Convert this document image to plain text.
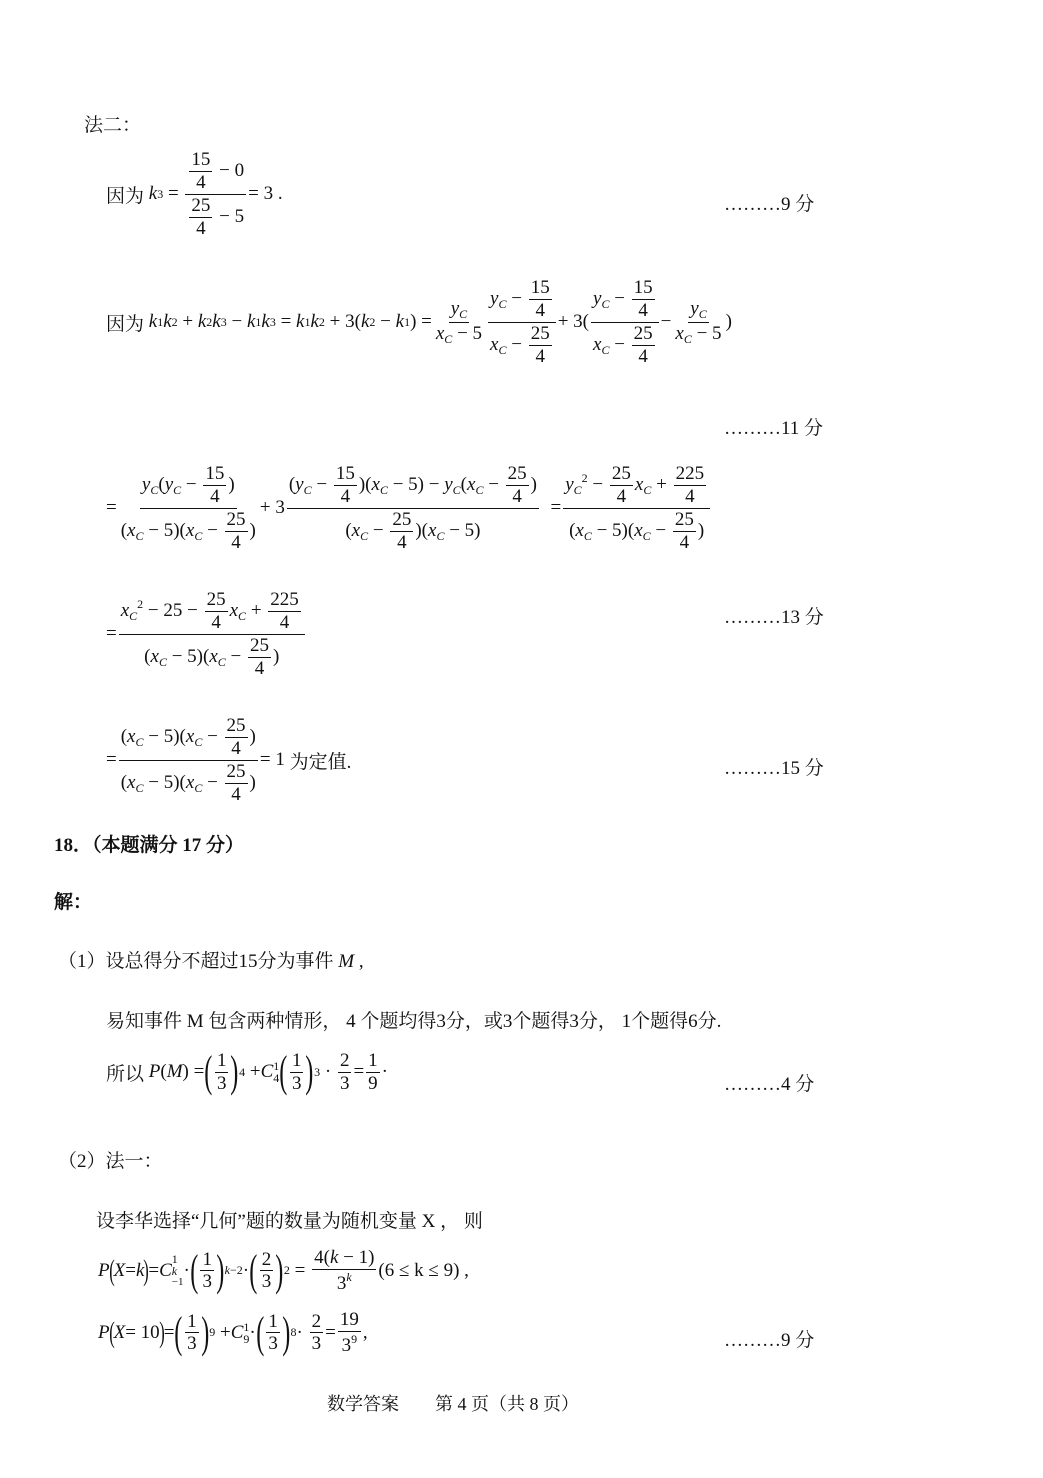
法二：
因为 k $3 = \frac{\frac{15}{4} - 0}{\frac{25}{4} - 5} = 3$ .
………9 分
因为 k 1 k 2 + k 2 k 3 − k 1 k 3 = k 1 k 2 + 3( k 2 − k 1 ) = $\frac{y_C}{x_C - 5} \frac{y_C - \frac{15}{4}}{x_C - \frac{25}{4}} + 3( \frac{y_C - \frac{15}{4}}{x_C - \frac{25}{4}} - \frac{y_C}{x_C - 5}$ )
………11 分
= $\frac{y_C(y_C - \frac{15}{4} )}{(x_C - 5)(x_C - \frac{25}{4} )} + 3 \frac{(y_C - \frac{15}{4} )(x_C - 5) - y_C(x_C - \frac{25}{4} )}{(x_C - \frac{25}{4} )(x_C - 5)} = \frac{y_C^2 - \frac{25}{4} x_C + \frac{225}{4}}{(x_C - 5)(x_C - \frac{25}{4} )}$
= $\frac{x_C^2 - 25 - \frac{25}{4} x_C + \frac{225}{4}}{(x_C - 5)(x_C - \frac{25}{4} )}$	………13 分
= $\frac{(x_C - 5)(x_C - \frac{25}{4} )}{(x_C - 5)(x_C - \frac{25}{4} )} = 1$ 为定值.	………15 分
18．（本题满分 17 分）
解：
（1）设总得分不超过15分为事件 M ,
易知事件 M 包含两种情形， 4 个题均得3分，或3个题得3分， 1个题得6分.
所以 P ( M ) = ( $\frac{1}{3}$ ) 4 + C 1
4 ( $\frac{1}{3}$ ) $3 \cdot \frac{2}{3} = \frac{1}{9}$ ·
………4 分
（2）法一：
设李华选择“几何”题的数量为随机变量 X ， 则
P ( X = k ) = C
1
k
−1
· ( $\frac{1}{3}$ ) k−2 · ( $\frac{2}{3}$ ) $2 = \frac{4(k - 1)}{3^k} (6 \le k \le 9)$ ,
P ( X = 10 ) = ( $\frac{1}{3}$ ) 9 + C 1
9 · ( $\frac{1}{3}$ ) $8 \cdot \frac{2}{3} = \frac{19}{3^9}$ ,	………9 分
数学答案　　第 4 页（共 8 页）
